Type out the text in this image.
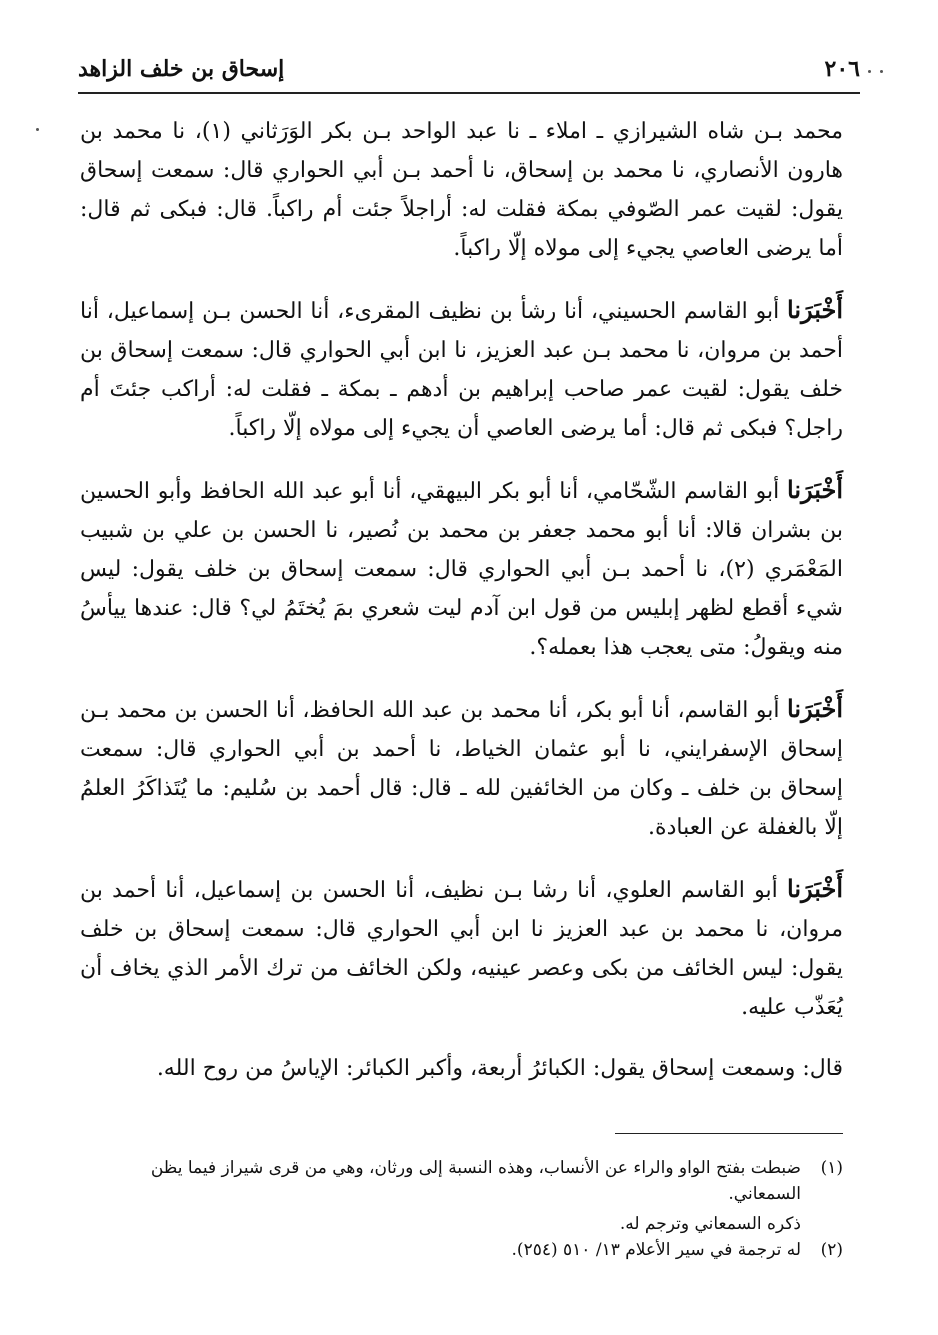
٢٠٦
إسحاق بن خلف الزاهد

محمد بـن شاه الشيرازي ـ املاء ـ نا عبد الواحد بـن بكر الوَرَثاني (١)، نا محمد بن هارون الأنصاري، نا محمد بن إسحاق، نا أحمد بـن أبي الحواري قال: سمعت إسحاق يقول: لقيت عمر الصّوفي بمكة فقلت له: أراجلاً جئت أم راكباً. قال: فبكى ثم قال: أما يرضى العاصي يجيء إلى مولاه إلّا راكباً.

أَخْبَرَنا أبو القاسم الحسيني، أنا رشأ بن نظيف المقرىء، أنا الحسن بـن إسماعيل، أنا أحمد بن مروان، نا محمد بـن عبد العزيز، نا ابن أبي الحواري قال: سمعت إسحاق بن خلف يقول: لقيت عمر صاحب إبراهيم بن أدهم ـ بمكة ـ فقلت له: أراكب جئتَ أم راجل؟ فبكى ثم قال: أما يرضى العاصي أن يجيء إلى مولاه إلّا راكباً.

أَخْبَرَنا أبو القاسم الشّحّامي، أنا أبو بكر البيهقي، أنا أبو عبد الله الحافظ وأبو الحسين بن بشران قالا: أنا أبو محمد جعفر بن محمد بن نُصير، نا الحسن بن علي بن شبيب المَعْمَري (٢)، نا أحمد بـن أبي الحواري قال: سمعت إسحاق بن خلف يقول: ليس شيء أقطع لظهر إبليس من قول ابن آدم ليت شعري بمَ يُختَمُ لي؟ قال: عندها ييأسُ منه ويقولُ: متى يعجب هذا بعمله؟.

أَخْبَرَنا أبو القاسم، أنا أبو بكر، أنا محمد بن عبد الله الحافظ، أنا الحسن بن محمد بـن إسحاق الإسفرايني، نا أبو عثمان الخياط، نا أحمد بن أبي الحواري قال: سمعت إسحاق بن خلف ـ وكان من الخائفين لله ـ قال: قال أحمد بن سُليم: ما يُتَذاكَرُ العلمُ إلّا بالغفلة عن العبادة.

أَخْبَرَنا أبو القاسم العلوي، أنا رشا بـن نظيف، أنا الحسن بن إسماعيل، أنا أحمد بن مروان، نا محمد بن عبد العزيز نا ابن أبي الحواري قال: سمعت إسحاق بن خلف يقول: ليس الخائف من بكى وعصر عينيه، ولكن الخائف من ترك الأمر الذي يخاف أن يُعَذّب عليه.

قال: وسمعت إسحاق يقول: الكبائرُ أربعة، وأكبر الكبائر: الإياسُ من روح الله.

(١)
ضبطت بفتح الواو والراء عن الأنساب، وهذه النسبة إلى ورثان، وهي من قرى شيراز فيما يظن السمعاني.
ذكره السمعاني وترجم له.
(٢)
له ترجمة في سير الأعلام ١٣/ ٥١٠ (٢٥٤).
